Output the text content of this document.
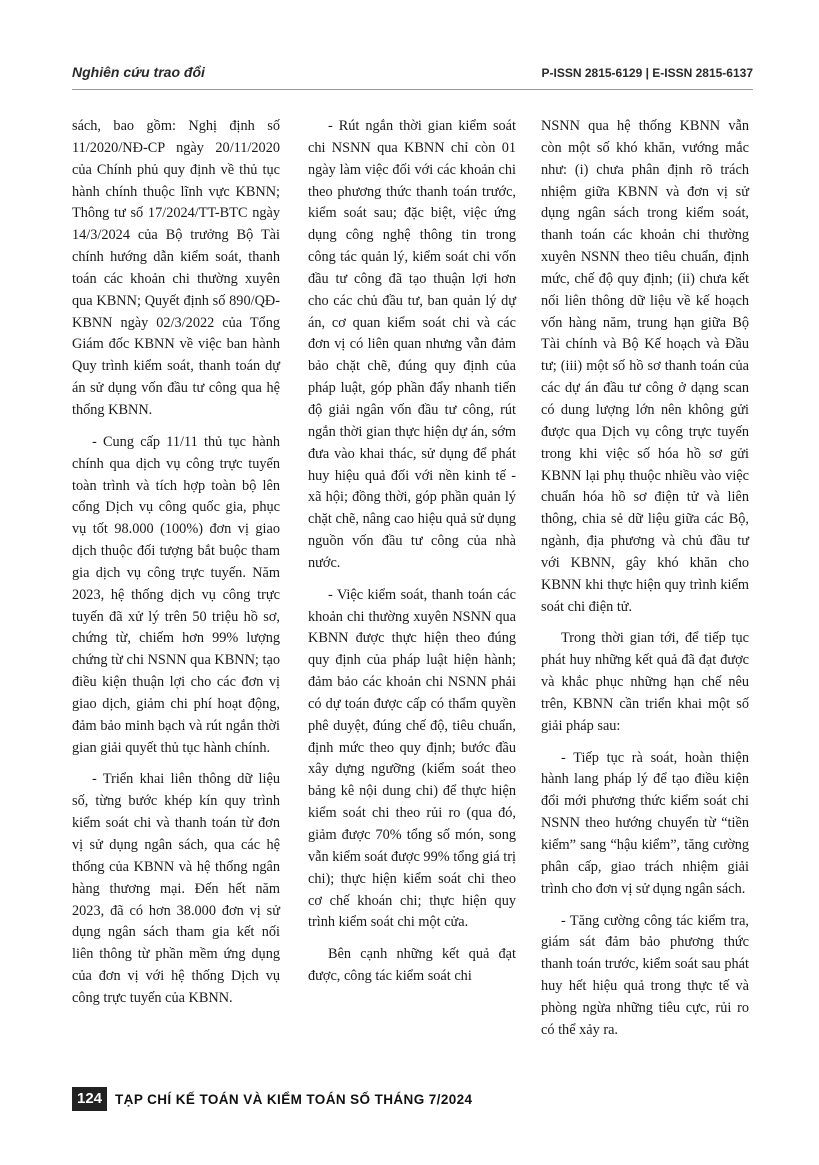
Nghiên cứu trao đổi	P-ISSN 2815-6129 | E-ISSN 2815-6137

sách, bao gồm: Nghị định số 11/2020/NĐ-CP ngày 20/11/2020 của Chính phủ quy định về thủ tục hành chính thuộc lĩnh vực KBNN; Thông tư số 17/2024/TT-BTC ngày 14/3/2024 của Bộ trưởng Bộ Tài chính hướng dẫn kiểm soát, thanh toán các khoản chi thường xuyên qua KBNN; Quyết định số 890/QĐ-KBNN ngày 02/3/2022 của Tổng Giám đốc KBNN về việc ban hành Quy trình kiểm soát, thanh toán dự án sử dụng vốn đầu tư công qua hệ thống KBNN.

- Cung cấp 11/11 thủ tục hành chính qua dịch vụ công trực tuyến toàn trình và tích hợp toàn bộ lên cổng Dịch vụ công quốc gia, phục vụ tốt 98.000 (100%) đơn vị giao dịch thuộc đối tượng bắt buộc tham gia dịch vụ công trực tuyến. Năm 2023, hệ thống dịch vụ công trực tuyến đã xử lý trên 50 triệu hồ sơ, chứng từ, chiếm hơn 99% lượng chứng từ chi NSNN qua KBNN; tạo điều kiện thuận lợi cho các đơn vị giao dịch, giảm chi phí hoạt động, đảm bảo minh bạch và rút ngắn thời gian giải quyết thủ tục hành chính.

- Triển khai liên thông dữ liệu số, từng bước khép kín quy trình kiểm soát chi và thanh toán từ đơn vị sử dụng ngân sách, qua các hệ thống của KBNN và hệ thống ngân hàng thương mại. Đến hết năm 2023, đã có hơn 38.000 đơn vị sử dụng ngân sách tham gia kết nối liên thông từ phần mềm ứng dụng của đơn vị với hệ thống Dịch vụ công trực tuyến của KBNN.

- Rút ngắn thời gian kiểm soát chi NSNN qua KBNN chỉ còn 01 ngày làm việc đối với các khoản chi theo phương thức thanh toán trước, kiểm soát sau; đặc biệt, việc ứng dụng công nghệ thông tin trong công tác quản lý, kiểm soát chi vốn đầu tư công đã tạo thuận lợi hơn cho các chủ đầu tư, ban quản lý dự án, cơ quan kiểm soát chi và các đơn vị có liên quan nhưng vẫn đảm bảo chặt chẽ, đúng quy định của pháp luật, góp phần đẩy nhanh tiến độ giải ngân vốn đầu tư công, rút ngắn thời gian thực hiện dự án, sớm đưa vào khai thác, sử dụng để phát huy hiệu quả đối với nền kinh tế - xã hội; đồng thời, góp phần quản lý chặt chẽ, nâng cao hiệu quả sử dụng nguồn vốn đầu tư công của nhà nước.

- Việc kiểm soát, thanh toán các khoản chi thường xuyên NSNN qua KBNN được thực hiện theo đúng quy định của pháp luật hiện hành; đảm bảo các khoản chi NSNN phải có dự toán được cấp có thẩm quyền phê duyệt, đúng chế độ, tiêu chuẩn, định mức theo quy định; bước đầu xây dựng ngưỡng (kiểm soát theo bảng kê nội dung chi) để thực hiện kiểm soát chi theo rủi ro (qua đó, giảm được 70% tổng số món, song vẫn kiểm soát được 99% tổng giá trị chi); thực hiện kiểm soát chi theo cơ chế khoán chi; thực hiện quy trình kiểm soát chi một cửa.

Bên cạnh những kết quả đạt được, công tác kiểm soát chi

NSNN qua hệ thống KBNN vẫn còn một số khó khăn, vướng mắc như: (i) chưa phân định rõ trách nhiệm giữa KBNN và đơn vị sử dụng ngân sách trong kiểm soát, thanh toán các khoản chi thường xuyên NSNN theo tiêu chuẩn, định mức, chế độ quy định; (ii) chưa kết nối liên thông dữ liệu về kế hoạch vốn hàng năm, trung hạn giữa Bộ Tài chính và Bộ Kế hoạch và Đầu tư; (iii) một số hồ sơ thanh toán của các dự án đầu tư công ở dạng scan có dung lượng lớn nên không gửi được qua Dịch vụ công trực tuyến trong khi việc số hóa hồ sơ gửi KBNN lại phụ thuộc nhiều vào việc chuẩn hóa hồ sơ điện tử và liên thông, chia sẻ dữ liệu giữa các Bộ, ngành, địa phương và chủ đầu tư với KBNN, gây khó khăn cho KBNN khi thực hiện quy trình kiểm soát chi điện tử.

Trong thời gian tới, để tiếp tục phát huy những kết quả đã đạt được và khắc phục những hạn chế nêu trên, KBNN cần triển khai một số giải pháp sau:

- Tiếp tục rà soát, hoàn thiện hành lang pháp lý để tạo điều kiện đổi mới phương thức kiểm soát chi NSNN theo hướng chuyển từ “tiền kiểm” sang “hậu kiểm”, tăng cường phân cấp, giao trách nhiệm giải trình cho đơn vị sử dụng ngân sách.

- Tăng cường công tác kiểm tra, giám sát đảm bảo phương thức thanh toán trước, kiểm soát sau phát huy hết hiệu quả trong thực tế và phòng ngừa những tiêu cực, rủi ro có thể xảy ra.

124 TẠP CHÍ KẾ TOÁN VÀ KIỂM TOÁN SỐ THÁNG 7/2024
